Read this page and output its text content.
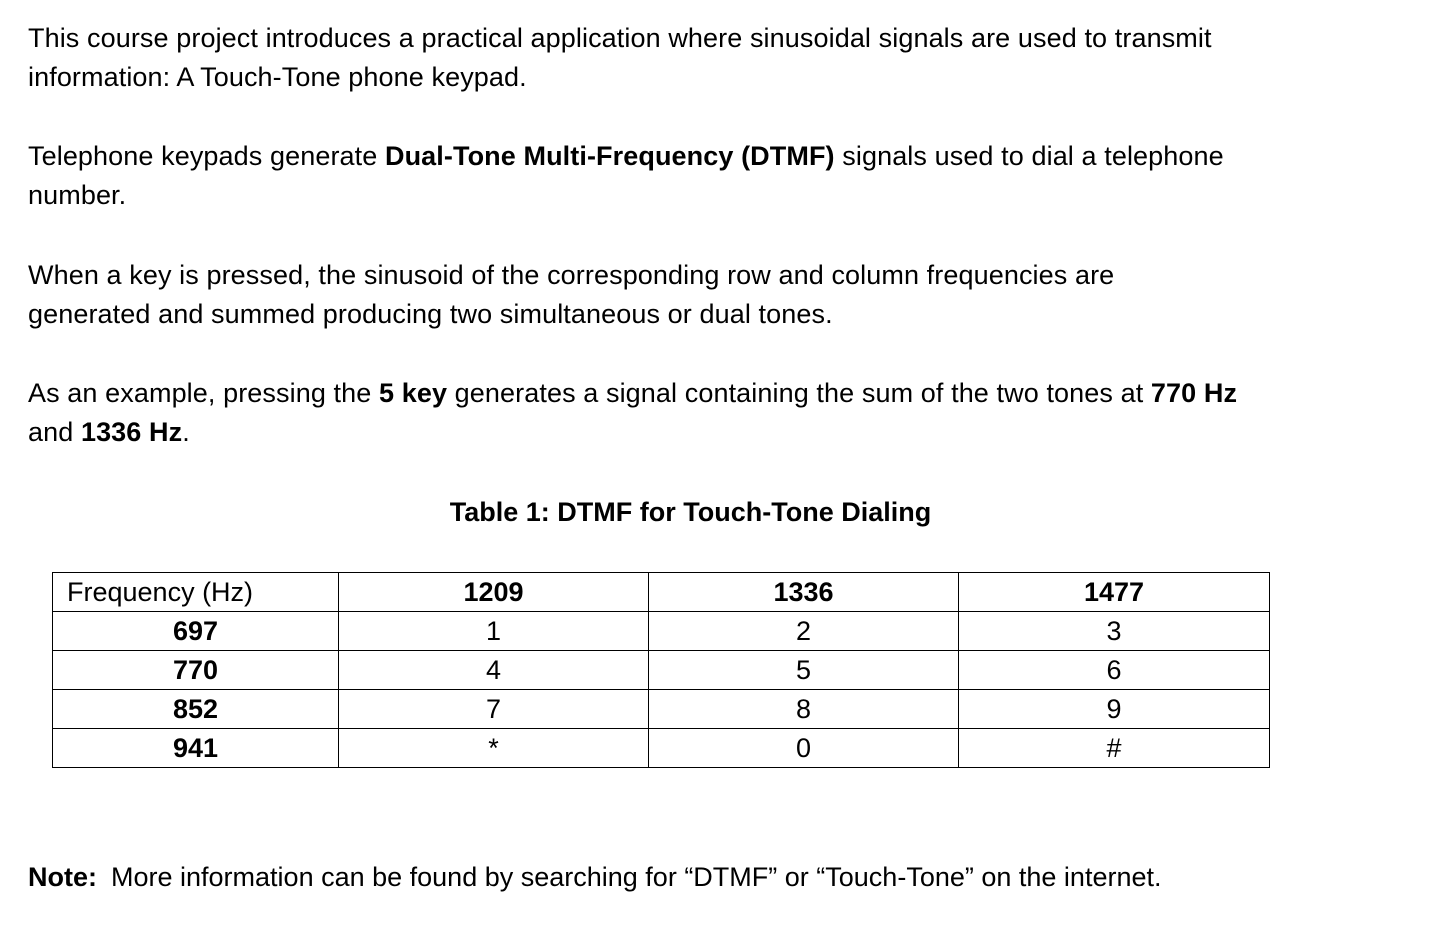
This course project introduces a practical application where sinusoidal signals are used to transmit
information: A Touch-Tone phone keypad.

Telephone keypads generate Dual-Tone Multi-Frequency (DTMF) signals used to dial a telephone
number.

When a key is pressed, the sinusoid of the corresponding row and column frequencies are
generated and summed producing two simultaneous or dual tones.

As an example, pressing the 5 key generates a signal containing the sum of the two tones at 770 Hz
and 1336 Hz.

Table 1: DTMF for Touch-Tone Dialing

Frequency (Hz)	1209	1336	1477
697	1	2	3
770	4	5	6
852	7	8	9
941	*	0	#

Note: More information can be found by searching for “DTMF” or “Touch-Tone” on the internet.
